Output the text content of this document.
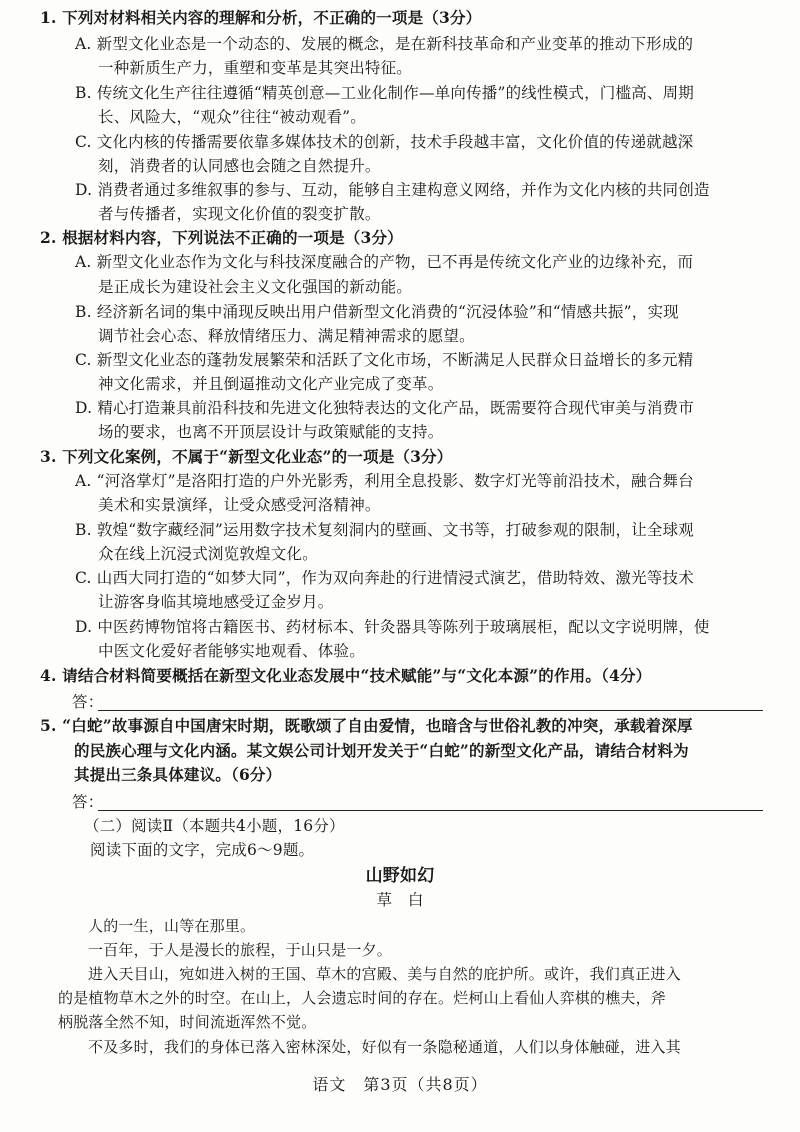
1. 下列对材料相关内容的理解和分析，不正确的一项是（3分）
A. 新型文化业态是一个动态的、发展的概念，是在新科技革命和产业变革的推动下形成的
一种新质生产力，重塑和变革是其突出特征。
B. 传统文化生产往往遵循“精英创意—工业化制作—单向传播”的线性模式，门槛高、周期
长、风险大，“观众”往往“被动观看”。
C. 文化内核的传播需要依靠多媒体技术的创新，技术手段越丰富，文化价值的传递就越深
刻，消费者的认同感也会随之自然提升。
D. 消费者通过多维叙事的参与、互动，能够自主建构意义网络，并作为文化内核的共同创造
者与传播者，实现文化价值的裂变扩散。
2. 根据材料内容，下列说法不正确的一项是（3分）
A. 新型文化业态作为文化与科技深度融合的产物，已不再是传统文化产业的边缘补充，而
是正成长为建设社会主义文化强国的新动能。
B. 经济新名词的集中涌现反映出用户借新型文化消费的“沉浸体验”和“情感共振”，实现
调节社会心态、释放情绪压力、满足精神需求的愿望。
C. 新型文化业态的蓬勃发展繁荣和活跃了文化市场，不断满足人民群众日益增长的多元精
神文化需求，并且倒逼推动文化产业完成了变革。
D. 精心打造兼具前沿科技和先进文化独特表达的文化产品，既需要符合现代审美与消费市
场的要求，也离不开顶层设计与政策赋能的支持。
3. 下列文化案例，不属于“新型文化业态”的一项是（3分）
A. “河洛掌灯”是洛阳打造的户外光影秀，利用全息投影、数字灯光等前沿技术，融合舞台
美术和实景演绎，让受众感受河洛精神。
B. 敦煌“数字藏经洞”运用数字技术复刻洞内的壁画、文书等，打破参观的限制，让全球观
众在线上沉浸式浏览敦煌文化。
C. 山西大同打造的“如梦大同”，作为双向奔赴的行进情浸式演艺，借助特效、激光等技术
让游客身临其境地感受辽金岁月。
D. 中医药博物馆将古籍医书、药材标本、针灸器具等陈列于玻璃展柜，配以文字说明牌，使
中医文化爱好者能够实地观看、体验。
4. 请结合材料简要概括在新型文化业态发展中“技术赋能”与“文化本源”的作用。（4分）
答：
5. “白蛇”故事源自中国唐宋时期，既歌颂了自由爱情，也暗含与世俗礼教的冲突，承载着深厚
的民族心理与文化内涵。某文娱公司计划开发关于“白蛇”的新型文化产品，请结合材料为
其提出三条具体建议。（6分）
答：
（二）阅读Ⅱ（本题共4小题，16分）
阅读下面的文字，完成6～9题。
山野如幻
草　白
人的一生，山等在那里。
一百年，于人是漫长的旅程，于山只是一夕。
进入天目山，宛如进入树的王国、草木的宫殿、美与自然的庇护所。或许，我们真正进入
的是植物草木之外的时空。在山上，人会遗忘时间的存在。烂柯山上看仙人弈棋的樵夫，斧
柄脱落全然不知，时间流逝浑然不觉。
不及多时，我们的身体已落入密林深处，好似有一条隐秘通道，人们以身体触碰，进入其
语文　第3页（共8页）
